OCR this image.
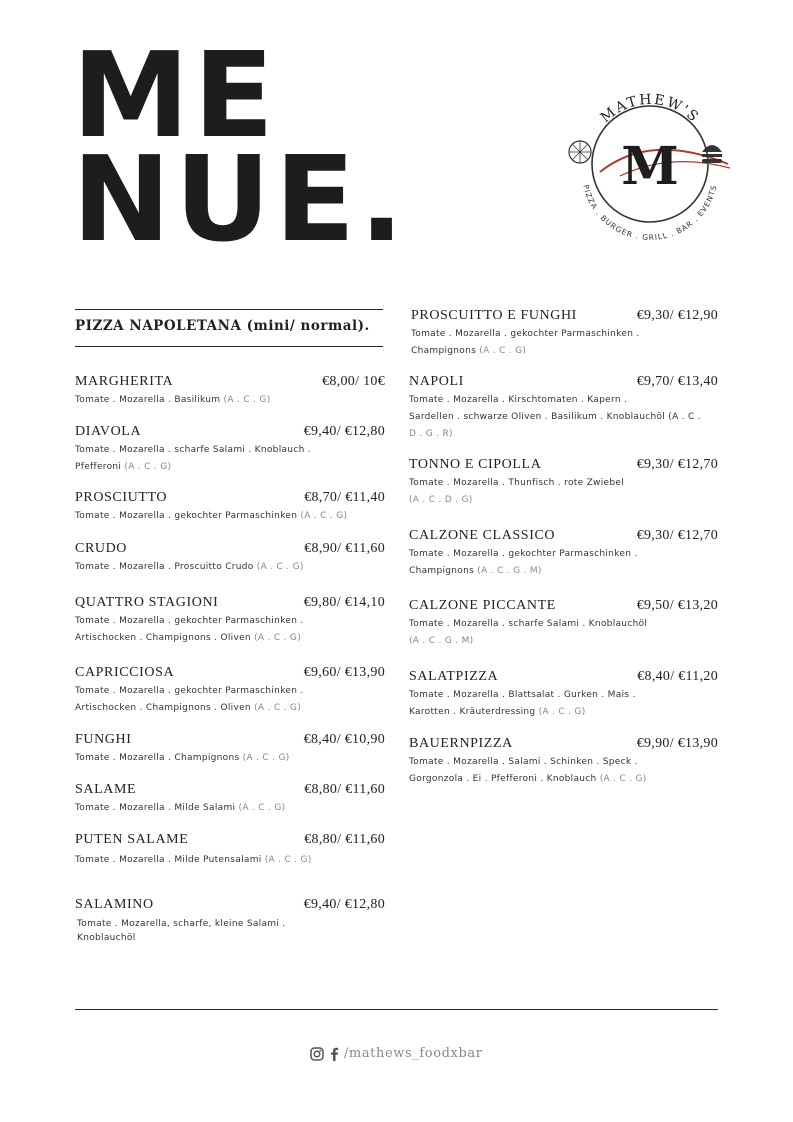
ME
NUE.
MATHEW'S
PIZZA . BURGER . GRILL . BAR . EVENTS
M
PIZZA NAPOLETANA (mini/ normal).
MARGHERITA	€8,00/ 10€
Tomate . Mozarella . Basilikum (A . C . G)
DIAVOLA	€9,40/ €12,80
Tomate . Mozarella . scharfe Salami . Knoblauch .
Pfefferoni (A . C . G)
PROSCIUTTO	€8,70/ €11,40
Tomate . Mozarella . gekochter Parmaschinken (A . C . G)
CRUDO	€8,90/ €11,60
Tomate . Mozarella . Proscuitto Crudo (A . C . G)
QUATTRO STAGIONI	€9,80/ €14,10
Tomate . Mozarella . gekochter Parmaschinken .
Artischocken . Champignons . Oliven (A . C . G)
CAPRICCIOSA	€9,60/ €13,90
Tomate . Mozarella . gekochter Parmaschinken .
Artischocken . Champignons . Oliven (A . C . G)
FUNGHI	€8,40/ €10,90
Tomate . Mozarella . Champignons (A . C . G)
SALAME	€8,80/ €11,60
Tomate . Mozarella . Milde Salami (A . C . G)
PUTEN SALAME	€8,80/ €11,60
Tomate . Mozarella . Milde Putensalami (A . C . G)
SALAMINO	€9,40/ €12,80
Tomate . Mozarella, scharfe, kleine Salami .
Knoblauchöl
PROSCUITTO E FUNGHI	€9,30/ €12,90
Tomate . Mozarella . gekochter Parmaschinken .
Champignons (A . C . G)
NAPOLI	€9,70/ €13,40
Tomate . Mozarella . Kirschtomaten . Kapern .
Sardellen . schwarze Oliven . Basilikum . Knoblauchöl (A . C .
D . G . R)
TONNO E CIPOLLA	€9,30/ €12,70
Tomate . Mozarella . Thunfisch . rote Zwiebel
(A . C . D . G)
CALZONE CLASSICO	€9,30/ €12,70
Tomate . Mozarella . gekochter Parmaschinken .
Champignons (A . C . G . M)
CALZONE PICCANTE	€9,50/ €13,20
Tomate . Mozarella . scharfe Salami . Knoblauchöl
(A . C . G . M)
SALATPIZZA	€8,40/ €11,20
Tomate . Mozarella . Blattsalat . Gurken . Mais .
Karotten . Kräuterdressing (A . C . G)
BAUERNPIZZA	€9,90/ €13,90
Tomate . Mozarella . Salami . Schinken . Speck .
Gorgonzola . Ei . Pfefferoni . Knoblauch (A . C . G)
/mathews_foodxbar
